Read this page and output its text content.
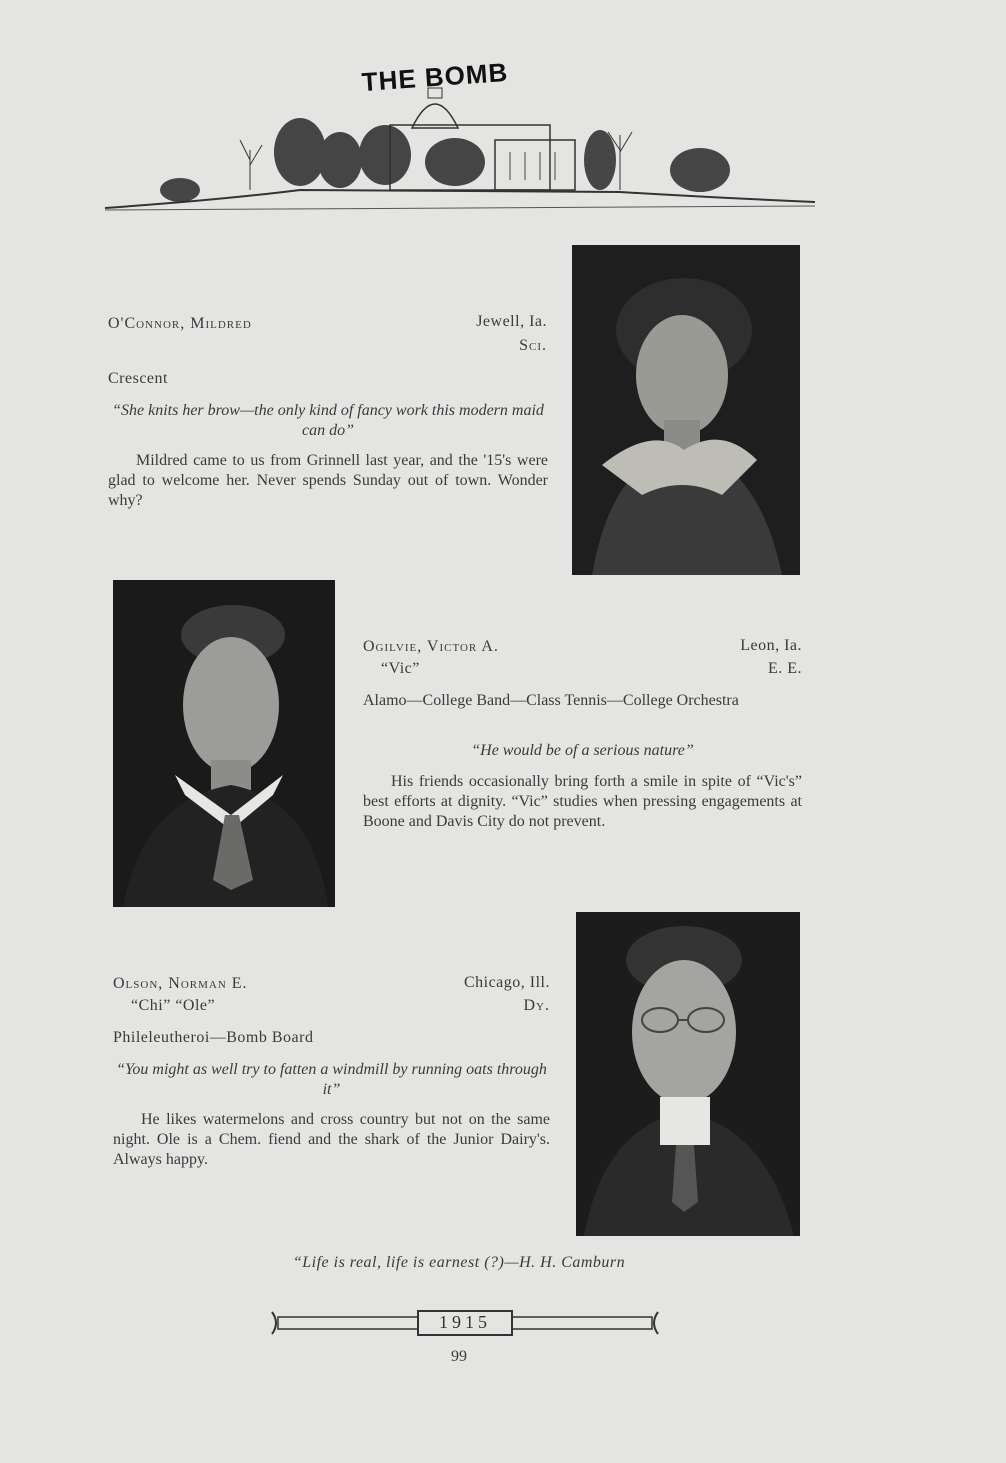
THE BOMB
O'Connor, Mildred	Jewell, Ia.
Sci.
Crescent
“She knits her brow—the only kind of fancy work this modern maid can do”
Mildred came to us from Grinnell last year, and the '15's were glad to welcome her. Never spends Sunday out of town. Wonder why?
Ogilvie, Victor A.	Leon, Ia.
“Vic”	E. E.
Alamo—College Band—Class Tennis—College Orchestra
“He would be of a serious nature”
His friends occasionally bring forth a smile in spite of “Vic's” best efforts at dignity. “Vic” studies when pressing engagements at Boone and Davis City do not prevent.
Olson, Norman E.	Chicago, Ill.
“Chi” “Ole”	Dy.
Phileleutheroi—Bomb Board
“You might as well try to fatten a windmill by running oats through it”
He likes watermelons and cross country but not on the same night. Ole is a Chem. fiend and the shark of the Junior Dairy's. Always happy.
“Life is real, life is earnest (?)—H. H. Camburn
1915
99
